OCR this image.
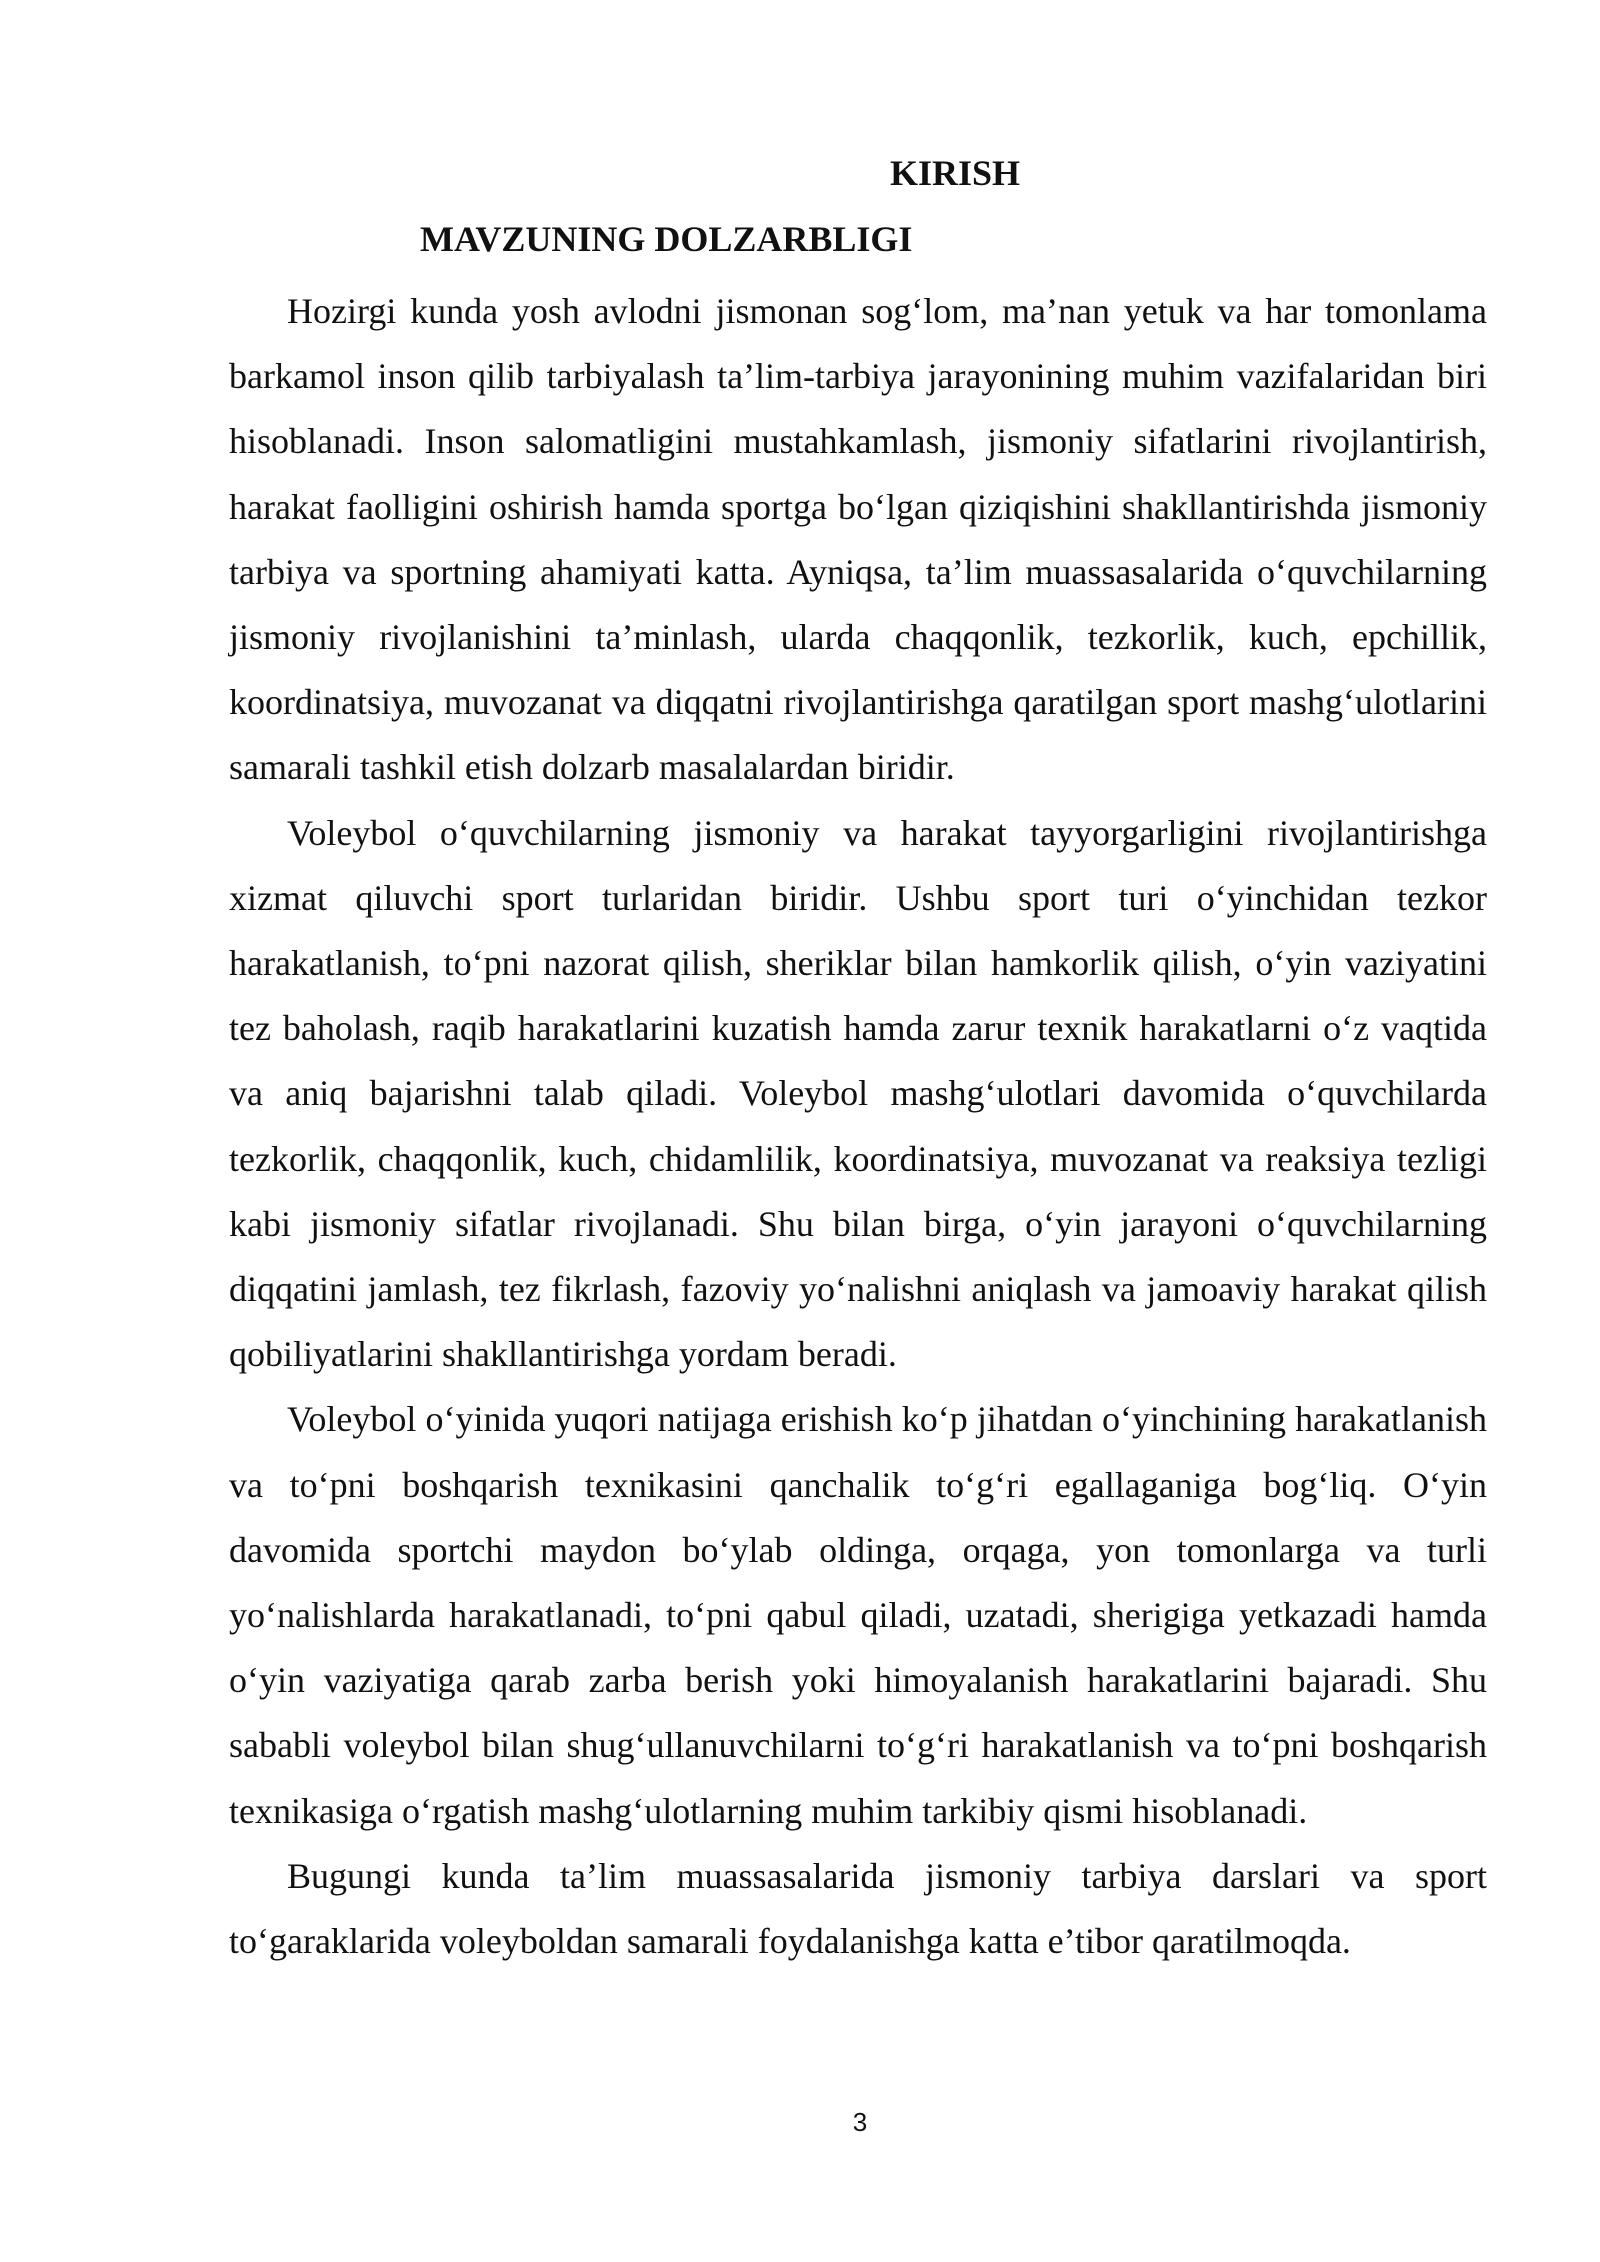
KIRISH
MAVZUNING DOLZARBLIGI

Hozirgi kunda yosh avlodni jismonan sog‘lom, ma’nan yetuk va har tomonlama barkamol inson qilib tarbiyalash ta’lim-tarbiya jarayonining muhim vazifalaridan biri hisoblanadi. Inson salomatligini mustahkamlash, jismoniy sifatlarini rivojlantirish, harakat faolligini oshirish hamda sportga bo‘lgan qiziqishini shakllantirishda jismoniy tarbiya va sportning ahamiyati katta. Ayniqsa, ta’lim muassasalarida o‘quvchilarning jismoniy rivojlanishini ta’minlash, ularda chaqqonlik, tezkorlik, kuch, epchillik, koordinatsiya, muvozanat va diqqatni rivojlantirishga qaratilgan sport mashg‘ulotlarini samarali tashkil etish dolzarb masalalardan biridir.

Voleybol o‘quvchilarning jismoniy va harakat tayyorgarligini rivojlantirishga xizmat qiluvchi sport turlaridan biridir. Ushbu sport turi o‘yinchidan tezkor harakatlanish, to‘pni nazorat qilish, sheriklar bilan hamkorlik qilish, o‘yin vaziyatini tez baholash, raqib harakatlarini kuzatish hamda zarur texnik harakatlarni o‘z vaqtida va aniq bajarishni talab qiladi. Voleybol mashg‘ulotlari davomida o‘quvchilarda tezkorlik, chaqqonlik, kuch, chidamlilik, koordinatsiya, muvozanat va reaksiya tezligi kabi jismoniy sifatlar rivojlanadi. Shu bilan birga, o‘yin jarayoni o‘quvchilarning diqqatini jamlash, tez fikrlash, fazoviy yo‘nalishni aniqlash va jamoaviy harakat qilish qobiliyatlarini shakllantirishga yordam beradi.

Voleybol o‘yinida yuqori natijaga erishish ko‘p jihatdan o‘yinchining harakatlanish va to‘pni boshqarish texnikasini qanchalik to‘g‘ri egallaganiga bog‘liq. O‘yin davomida sportchi maydon bo‘ylab oldinga, orqaga, yon tomonlarga va turli yo‘nalishlarda harakatlanadi, to‘pni qabul qiladi, uzatadi, sherigiga yetkazadi hamda o‘yin vaziyatiga qarab zarba berish yoki himoyalanish harakatlarini bajaradi. Shu sababli voleybol bilan shug‘ullanuvchilarni to‘g‘ri harakatlanish va to‘pni boshqarish texnikasiga o‘rgatish mashg‘ulotlarning muhim tarkibiy qismi hisoblanadi.

Bugungi kunda ta’lim muassasalarida jismoniy tarbiya darslari va sport to‘garaklarida voleyboldan samarali foydalanishga katta e’tibor qaratilmoqda.

3
